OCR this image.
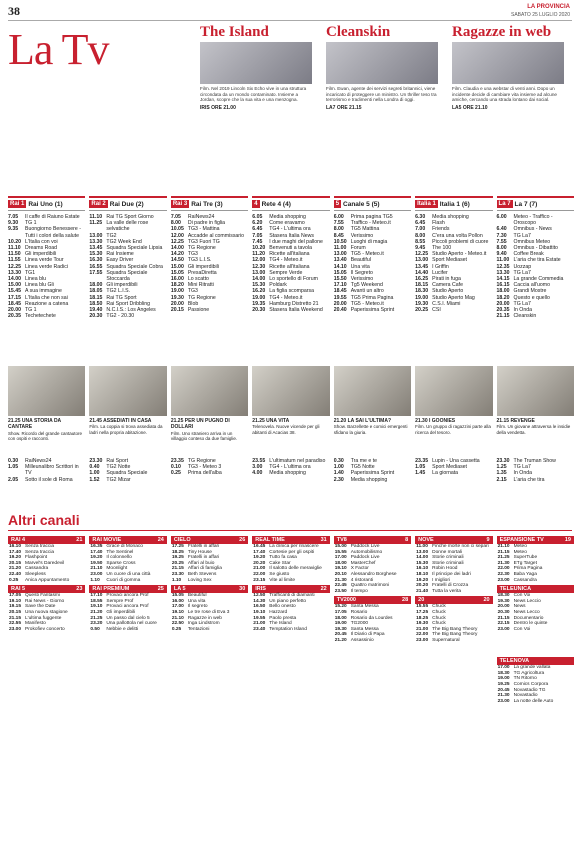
38	LA PROVINCIA
SABATO 25 LUGLIO 2020
La Tv	The Island

Film. Nel 2019 Lincoln Six Echo vive in una struttura circondata da un mondo contaminato. Insieme a Jordan, scopre che la sua vita e una menzogna.

IRIS ORE 21.00
Cleanskin

Film. Ewan, agente dei servizi segreti britannici, viene incaricato di proteggere un ministro. Un thriller teso tra terrorismo e tradimenti nella Londra di oggi.

LA7 ORE 21.15
Ragazze in web

Film. Claudia e una webstar di venti anni. Dopo un incidente decide di cambiare vita insieme ad alcune amiche, cercando una strada lontano dai social.

LA5 ORE 21.10
Rai 1 Rai Uno (1)	Rai 2 Rai Due (2)	Rai 3 Rai Tre (3)	4 Rete 4 (4)	5 Canale 5 (5)	Italia 1 Italia 1 (6)	La 7 La 7 (7)
7.05	Il caffe di Raiuno Estate
9.30	TG 1
9.35	Buongiorno Benessere - Tutti i colori della salute
10.20 L'Italia con voi
11.10 Dreams Road
11.50 Gli imperdibili
11.55 Linea verde Tour
12.25 Linea verde Radici
13.30 TG1
14.00 Linea blu
15.00 Linea blu Gli
15.45 A sua immagine
17.15 L'Italia che non sai
18.45 Reazione a catena
20.00 TG 1
20.35 Techetechete
11.10 Rai TG Sport Giorno
11.25 La valle delle rose selvatiche
13.00 TG2
13.30 TG2 Week End
13.45 Squadra Speciale Lipsia
15.30 Rai Insieme
16.30 Easy Driver
16.55 Squadra Speciale Cobra
17.55 Squadra Speciale Stoccarda
18.00 Gli imperdibili
18.05 TG2 L.I.S.
18.15 Rai TG Sport
18.50 Rai Sport Dribbling
19.40 N.C.I.S.: Los Angeles
20.30 TG2 - 20.30
7.05	RaiNews24
8.00	Di padre in figlia
10.05 TG3 - Mattina
12.00 Accadde al commissario
12.25 TG3 Fuori TG
14.00 TG Regione
14.20 TG3
14.50 TG3 L.I.S.
15.00 Gli imperdibili
15.05 PresaDiretta
16.00 Lo scatto
18.20 Mini Ritratti
19.00 TG3
19.30 TG Regione
20.00 Blob
20.15 Passione
6.05	Media shopping
6.20	Come eravamo
6.45	TG4 - L'ultima ora
7.05	Stasera Italia News
7.45	I due maghi del pallone
10.20 Benvenuti a tavola
11.20 Ricette all'italiana
12.00 TG4 - Meteo.it
12.30 Ricette all'italiana
13.00 Sempre Verde
14.00 Lo sportello di Forum
15.30 Poldark
16.20 La figlia scomparsa
19.00 TG4 - Meteo.it
19.35 Hamburg Distretto 21
20.30 Stasera Italia Weekend
6.00	Prima pagina TG5
7.55	Traffico - Meteo.it
8.00	TG5 Mattina
8.45	Verissimo
10.50 Luoghi di magia
11.00 Forum
13.00 TG5 - Meteo.it
13.40 Beautiful
14.10 Una vita
15.05 Il Segreto
15.50 Verissimo
17.10 Tg5 Weekend
18.45 Avanti un altro
19.55 TG5 Prima Pagina
20.00 TG5 - Meteo.it
20.40 Paperissima Sprint
6.30	Media shopping
6.45	Flash
7.00	Friends
8.00	C'era una volta Pollon
8.55	Piccoli problemi di cuore
9.45	The 100
12.25 Studio Aperto - Meteo.it
13.00 Sport Mediaset
13.45 I Griffin
14.40 Lucifer
16.25 Pirati in fuga
18.15 Camera Cafe
18.30 Studio Aperto
19.00 Studio Aperto Mag
19.30 C.S.I. Miami
20.25 CSI
6.00	Meteo - Traffico - Oroscopo
6.40	Omnibus - News
7.30	TG La7
7.55	Omnibus Meteo
8.00	Omnibus - Dibattito
9.40	Coffee Break
11.00 L'aria che tira Estate
12.35 Uozzap
13.30 TG La7
14.15 La grande Commedia
16.15 Caccia all'uomo
18.00 Grandi Mostre
18.20 Questo e quello
20.00 TG La7
20.35 In Onda
21.15 Cleanskin
21.25 UNA STORIA DA CANTARE
Show. Ricordo del grande cantautore con ospiti e racconti.
21.45 ASSEDIATI IN CASA
Film. La coppia si trova assediata da ladri nella propria abitazione.
21.25 PER UN PUGNO DI DOLLARI
Film. Uno straniero arriva in un villaggio conteso da due famiglie.
21.25 UNA VITA
Telenovela. Nuove vicende per gli abitanti di Acacias 38.
21.20 LA SAI L'ULTIMA?
Show. Barzellette e comici emergenti sfidano la giuria.
21.30 I GOONIES
Film. Un gruppo di ragazzini parte alla ricerca del tesoro.
21.15 REVENGE
Film. Un giovane attraversa le insidie della vendetta.
0.30	RaiNews24
1.05	Milleunalibro Scrittori in TV
2.05	Sotto il sole di Roma
23.30 Rai Sport
0.40	TG2 Notte
1.00	Squadra Speciale
1.52	TG2 Mizar
23.35 TG Regione
0.10	TG3 - Meteo 3
0.25	Prima dell'alba
23.55 L'ultimatum nel paradiso
3.00	TG4 - L'ultima ora
4.00	Media shopping
0.30	Tra me e te
1.00	TG5 Notte
1.40	Paperissima Sprint
2.30	Media shopping
23.35 Lupin - Una cassetta
1.05	Sport Mediaset
1.45	La giornata
23.30 The Truman Show
1.25	TG La7
1.35	In Onda
2.15	L'aria che tira
Altri canali
RAI 4	21
16.10 Senza traccia
17.40 Senza traccia
19.20 Flashpoint
20.15 Marvel's Daredevil
21.20 Cassandra
22.40 Sleepless
0.25	Anica Appuntamento
RAI 5	23
17.05 Questi Fantasmi
19.10 Rai News - Giorno
19.15 Save the Date
20.15 Una nuova stagione
21.15 L'ultima fuggente
22.55 Manifesto
23.00 Prokofiev concerto
RAI MOVIE	24
16.35 Grace di Monaco
17.40 The Sentinel
19.20 Il colonnello
19.50 Sparse Cross
21.10 Moonlight
23.00 Un cuore di una città
1.10	Cuori di gomma
RAI PREMIUM	25
17.10 Provaci ancora Prof
18.55 Sempre Prof
19.10 Provaci ancora Prof
21.20 Gli imperdibili
21.25 Un passo dal cielo 5
23.20 Una pallottola nel cuore
0.50	Nebbie e delitti
CIELO	26
17.25 Fratelli in affari
18.25 Tiny House
19.25 Fratelli in affari
20.25 Affari al buio
21.15 Affari di famiglia
23.30 Beth Stevens
1.10	Loving Sex
LA 5	30
15.05 Beautiful
16.00 Una vita
17.00 Il segreto
19.10 Le tre rose di Eva 3
21.10 Ragazze in web
22.50 Inga Lindstrom
0.25	Tentazioni
REAL TIME	31
16.45 La clinica per rinascere
17.40 Cortesie per gli ospiti
19.20 Tutto fa casa
20.20 Cake Star
21.00 Il salotto delle meraviglie
22.00 Se giusto
23.15 Vite al limite
IRIS	22
12.50 Trafficanti di diamanti
14.30 Un piano perfetto
16.50 Bello onesto
19.10 Hazzard
19.55 Paolo presta
21.00 The Island
23.40 Temptation Island
TV8	8
15.00 Paddock Live
15.55 Automobilismo
17.00 Paddock Live
18.00 MasterChef
19.10 X Factor
20.10 Alessandro Borghese
21.30 4 ristoranti
22.45 Quattro matrimoni
23.50 Il tempo
TV2000	28
15.20 Santa Messa
17.05 Rosario
18.00 Rosario da Lourdes
19.00 TG2000
19.30 Santa Messa
20.45 Il Diario di Papa
21.20 Assassinio
NOVE	9
11.00 Finche morte non ci separi
13.00 Donne mortali
14.00 Storie criminali
15.30 Storie criminali
16.10 Robin Hood
18.10 Il principe dei ladri
19.20 I migliori
20.20 Fratelli di Crozza
21.40 Tutta la verita
20	20
15.55 Chuck
17.25 Chuck
18.25 Chuck
19.30 Chuck
21.00 The Big Bang Theory
22.00 The Big Bang Theory
23.00 Supernatural
ESPANSIONE TV	19
21.10 Meteo
21.15 Meteo
21.25 SuperTube
21.30 ETg Target
22.00 Prima Pagina
22.30 Baba Yaga
23.00 Cassandra
TELEUNICA
18.30 Con Voi
19.30 News Leccio
20.00 News
20.30 News Lecco
21.15 Documentario
22.15 Dentro le quinte
23.00 Con Voi
TELENOVA
17.00 La grande vallata
18.30 TG Agricoltura
19.00 TN Ritorno
19.25 Comics Corpora
20.45 Novastadio TG
21.30 Novastadio
23.00 La notte delle Auto
